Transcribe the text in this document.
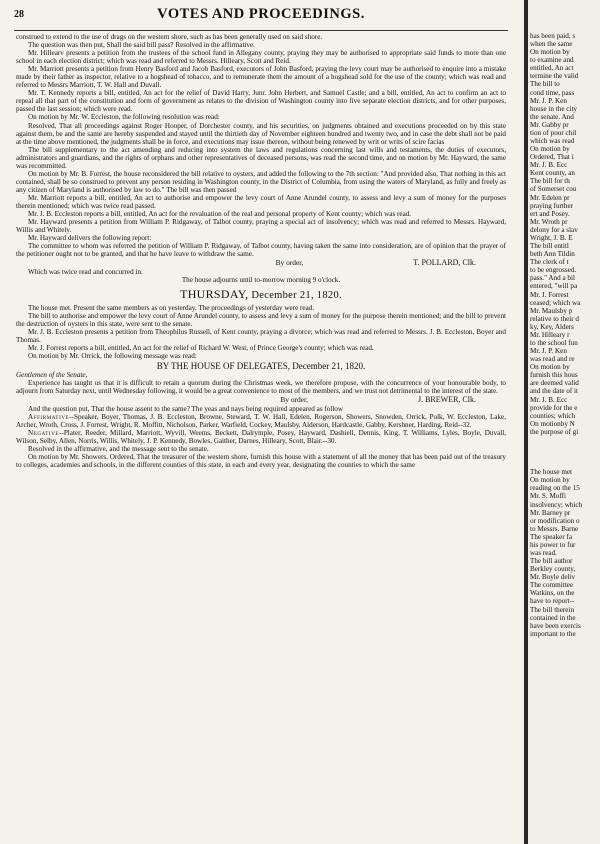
28	VOTES AND PROCEEDINGS.

construed to extend to the use of drags on the western shore, such as has been generally used on said shore.

The question was then put, Shall the said bill pass? Resolved in the affirmative.

Mr. Hillearv presents a petition from the trustees of the school fund in Allegany county, praying they may be authorised to appropriate said funds to more than one school in each election district; which was read and referred to Messrs. Hilleary, Scott and Reid.

Mr. Marriott presents a petition from Henry Basford and Jacob Basford, executors of John Basford, praying the levy court may be authorised to enquire into a mistake made by their father as inspector, relative to a hogshead of tobacco, and to remunerate them the amount of a hogshead sold for the use of the county; which was read and referred to Messrs Marriott, T. W. Hall and Duvall.

Mr. T. Kennedy reports a bill, entitled, An act for the relief of David Harry, Junr. John Herbert, and Samuel Castle; and a bill, entitled, An act to confirm an act to repeal all that part of the constitution and form of government as relates to the division of Washington county into five separate election districts, and for other purposes, passed the last session; which were read.

On motion by Mr. W. Eccleston, the following resolution was read:

Resolved, That all proceedings against Roger Hooper, of Dorchester county, and his securities, on judgments obtained and executions proceeded on by this state against them, be and the same are hereby suspended and stayed until the thirtieth day of November eighteen hundred and twenty two, and in case the debt shall not be paid at the time above mentioned, the judgments shall be in force, and executions may issue thereon, without being renewed by writ or writs of scire facias

The bill supplementary to the act amending and reducing into system the laws and regulations concerning last wills and testaments, the duties of executors, administrators and guardians, and the rights of orphans and other representatives of deceased persons, was read the second time, and on motion by Mr. Hayward, the same was recommitted.

On motion by Mr. B. Forrest, the house reconsidered the bill relative to oysters, and added the following to the 7th section: "And provided also, That nothing in this act contained, shall be so construed to prevent any person residing in Washington county, in the District of Columbia, from using the waters of Maryland, as fully and freely as any citizen of Maryland is authorised by law to do." The bill was then passed

Mr. Marriott reports a bill, entitled, An act to authorise and empower the levy court of Anne Arundel county, to assess and levy a sum of money for the purposes therein mentioned; which was twice read passed.

Mr. J. B. Eccleston reports a bill, entitled, An act for the revaluation of the real and personal property of Kent county; which was read.

Mr. Hayward presents a petition from William P. Ridgaway, of Talbot county, praying a special act of insolvency; which was read and referred to Messrs. Hayward, Willis and Whitely.

Mr. Hayward delivers the following report:

The committee to whom was referred the petition of William P. Ridgaway, of Talbot county, having taken the same into consideration, are of opinion that the prayer of the petitioner ought not to be granted, and that he have leave to withdraw the same.

By order,	T. POLLARD, Clk.

Which was twice read and concurred in.

The house adjourns until to-morrow morning 9 o'clock.

THURSDAY, December 21, 1820.

The house met. Present the same members as on yesterday. The proceedings of yesterday were read.

The bill to authorise and empower the levy court of Anne Arundel county, to assess and levy a sum of money for the purpose therein mentioned; and the bill to prevent the destruction of oysters in this state, were sent to the senate.

Mr. J. B. Eccleston presents a petition from Theophilus Russell, of Kent county, praying a divorce; which was read and referred to Messrs. J. B. Eccleston, Boyer and Thomas.

Mr. J. Forrest reports a bill, entitled, An act for the relief of Richard W. West, of Prince George's county; which was read.

On motion by Mr. Orrick, the following message was read:

BY THE HOUSE OF DELEGATES, December 21, 1820.

Gentlemen of the Senate,

Experience has taught us that it is difficult to retain a quorum during the Christmas week, we therefore propose, with the concurrence of your honourable body, to adjourn from Saturday next, until Wednesday following, it would be a great convenience to most of the members, and we trust not detrimental to the interest of the state.

By order,	J. BREWER, Clk.

And the question put, That the house assent to the same? The yeas and nays being required appeared as follow

Affirmative--Speaker, Boyer, Thomas, J. B. Eccleston, Browne, Steward, T. W. Hall, Edelen, Rogerson, Showers, Snowden, Orrick, Polk, W. Eccleston, Lake, Archer, Wroth, Cross, J. Forrest, Wright, R. Moffitt, Nicholson, Parker, Warfield, Cockey, Maulsby, Alderson, Hardcastle, Gabby, Kershner, Harding, Reid--32.

Negative--Plater, Reeder, Millard, Marriott, Wyvill, Weems, Beckett, Dalrymple, Posey, Hayward, Dashiell, Dennis, King, T. Williams, Lyles, Boyle, Duvall, Wilson, Selby, Allen, Norris, Willis, Whitely, J. P. Kennedy, Bowles, Gaither, Darnes, Hilleary, Scott, Blair.--30.

Resolved in the affirmative, and the message sent to the senate.

On motion by Mr. Showers, Ordered, That the treasurer of the western shore, furnish this house with a statement of all the money that has been paid out of the treasury to colleges, academies and schools, in the different counties of this state, in each and every year, designating the counties to which the same

has been paid, s
when the same
On motion by
to examine and
entitled, An act
termine the valid
The bill to
cond time, pass
Mr. J. P. Ken
house in the city
the senate. And
Mr. Gabby pr
tion of poor chil
which was read
On motion by
Ordered, That i
Mr. J. B. Ecc
Kent county, an
The bill for th
of Somerset cou
Mr. Edelen pr
praying further
ert and Posey.
Mr. Wroth pr
delony for a slav
Wright, J. B. E
The bill entitl
beth Ann Tildin
The clerk of t
to be engrossed.
pass." And a bil
entered, "will pa
Mr. J. Forrest
ceased; which wa
Mr. Maulsby p
relative to their d
ky, Key, Alders
Mr. Hilleary r
to the school fun
Mr. J. P. Ken
was read and re
On motion by
furnish this hous
are deemed valid
and the date of it
Mr. J. B. Ecc
provide for the e
counties; which
On motionby N
the purpose of gi
The house met
On motion by
reading on the 15
Mr. S. Moffi
insolvency; which
Mr. Barney pr
or modification o
to Messrs. Barne
The speaker fa
his power to fur
was read.
The bill author
Berkley county,
Mr. Boyle deliv
The committee
Watkins, on the
have to report--
The bill therein
contained in the
have been exercis
important to the
